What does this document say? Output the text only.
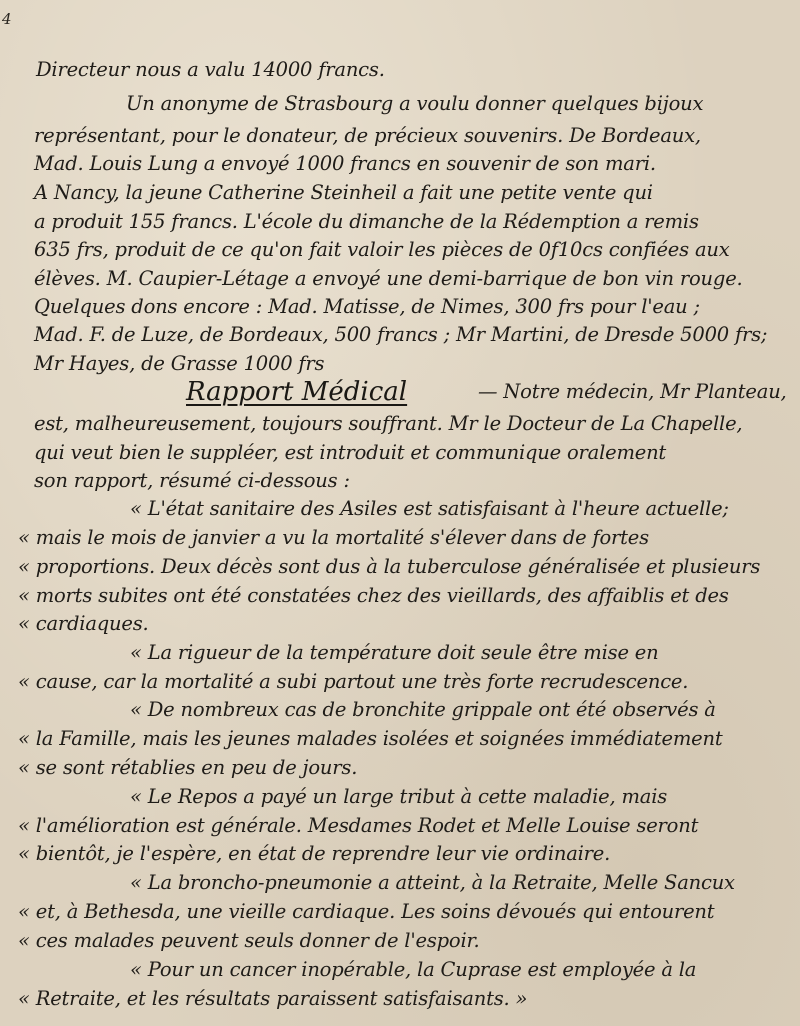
4
Directeur nous a valu 14000 francs.
Un anonyme de Strasbourg a voulu donner quelques bijoux
représentant, pour le donateur, de précieux souvenirs. De Bordeaux,
Mad. Louis Lung a envoyé 1000 francs en souvenir de son mari.
A Nancy, la jeune Catherine Steinheil a fait une petite vente qui
a produit 155 francs. L'école du dimanche de la Rédemption a remis
635 frs, produit de ce qu'on fait valoir les pièces de 0f10cs confiées aux
élèves. M. Caupier-Létage a envoyé une demi-barrique de bon vin rouge.
Quelques dons encore : Mad. Matisse, de Nimes, 300 frs pour l'eau ;
Mad. F. de Luze, de Bordeaux, 500 francs ; Mr Martini, de Dresde 5000 frs;
Mr Hayes, de Grasse 1000 frs
Rapport Médical	— Notre médecin, Mr Planteau,
est, malheureusement, toujours souffrant. Mr le Docteur de La Chapelle,
qui veut bien le suppléer, est introduit et communique oralement
son rapport, résumé ci-dessous :
« L'état sanitaire des Asiles est satisfaisant à l'heure actuelle;
« mais le mois de janvier a vu la mortalité s'élever dans de fortes
« proportions. Deux décès sont dus à la tuberculose généralisée et plusieurs
« morts subites ont été constatées chez des vieillards, des affaiblis et des
« cardiaques.
« La rigueur de la température doit seule être mise en
« cause, car la mortalité a subi partout une très forte recrudescence.
« De nombreux cas de bronchite grippale ont été observés à
« la Famille, mais les jeunes malades isolées et soignées immédiatement
« se sont rétablies en peu de jours.
« Le Repos a payé un large tribut à cette maladie, mais
« l'amélioration est générale. Mesdames Rodet et Melle Louise seront
« bientôt, je l'espère, en état de reprendre leur vie ordinaire.
« La broncho-pneumonie a atteint, à la Retraite, Melle Sancux
« et, à Bethesda, une vieille cardiaque. Les soins dévoués qui entourent
« ces malades peuvent seuls donner de l'espoir.
« Pour un cancer inopérable, la Cuprase est employée à la
« Retraite, et les résultats paraissent satisfaisants. »
